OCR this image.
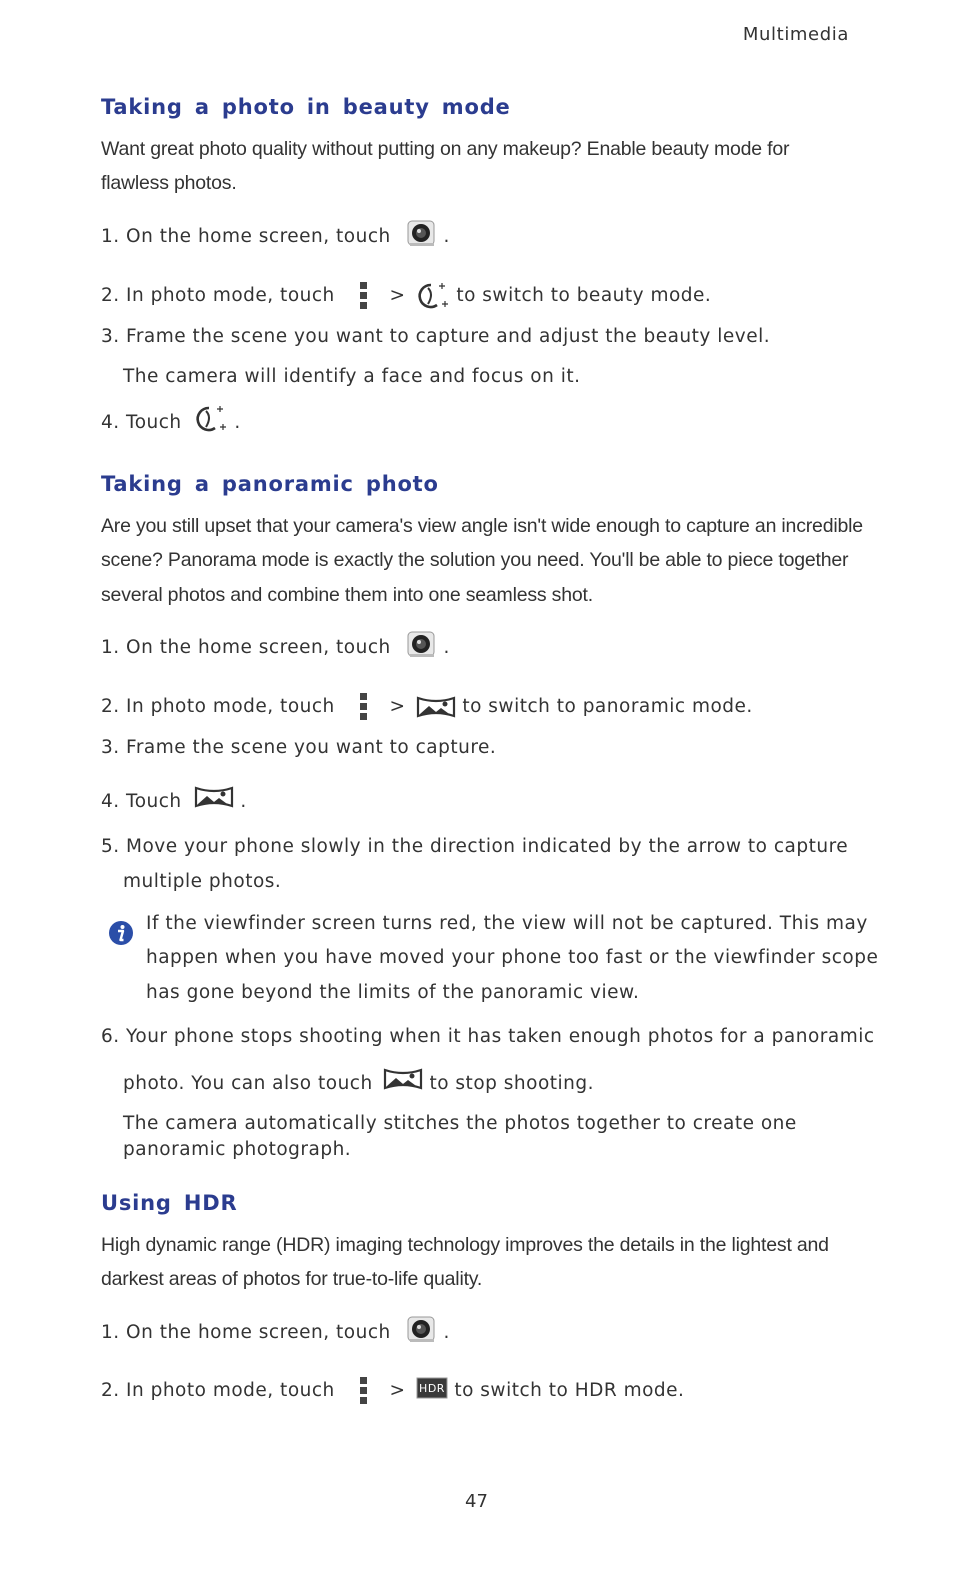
Multimedia
Taking a photo in beauty mode
Want great photo quality without putting on any makeup? Enable beauty mode for
flawless photos.
1. On the home screen, touch	.
2. In photo mode, touch	>	to switch to beauty mode.
3. Frame the scene you want to capture and adjust the beauty level.
The camera will identify a face and focus on it.
4. Touch	.
Taking a panoramic photo
Are you still upset that your camera's view angle isn't wide enough to capture an incredible
scene? Panorama mode is exactly the solution you need. You'll be able to piece together
several photos and combine them into one seamless shot.
1. On the home screen, touch	.
2. In photo mode, touch	>	to switch to panoramic mode.
3. Frame the scene you want to capture.
4. Touch	.
5. Move your phone slowly in the direction indicated by the arrow to capture
multiple photos.
If the viewfinder screen turns red, the view will not be captured. This may
happen when you have moved your phone too fast or the viewfinder scope
has gone beyond the limits of the panoramic view.
6. Your phone stops shooting when it has taken enough photos for a panoramic
photo. You can also touch	to stop shooting.
The camera automatically stitches the photos together to create one
panoramic photograph.
Using HDR
High dynamic range (HDR) imaging technology improves the details in the lightest and
darkest areas of photos for true-to-life quality.
1. On the home screen, touch	.
2. In photo mode, touch	> HDR to switch to HDR mode.
47
